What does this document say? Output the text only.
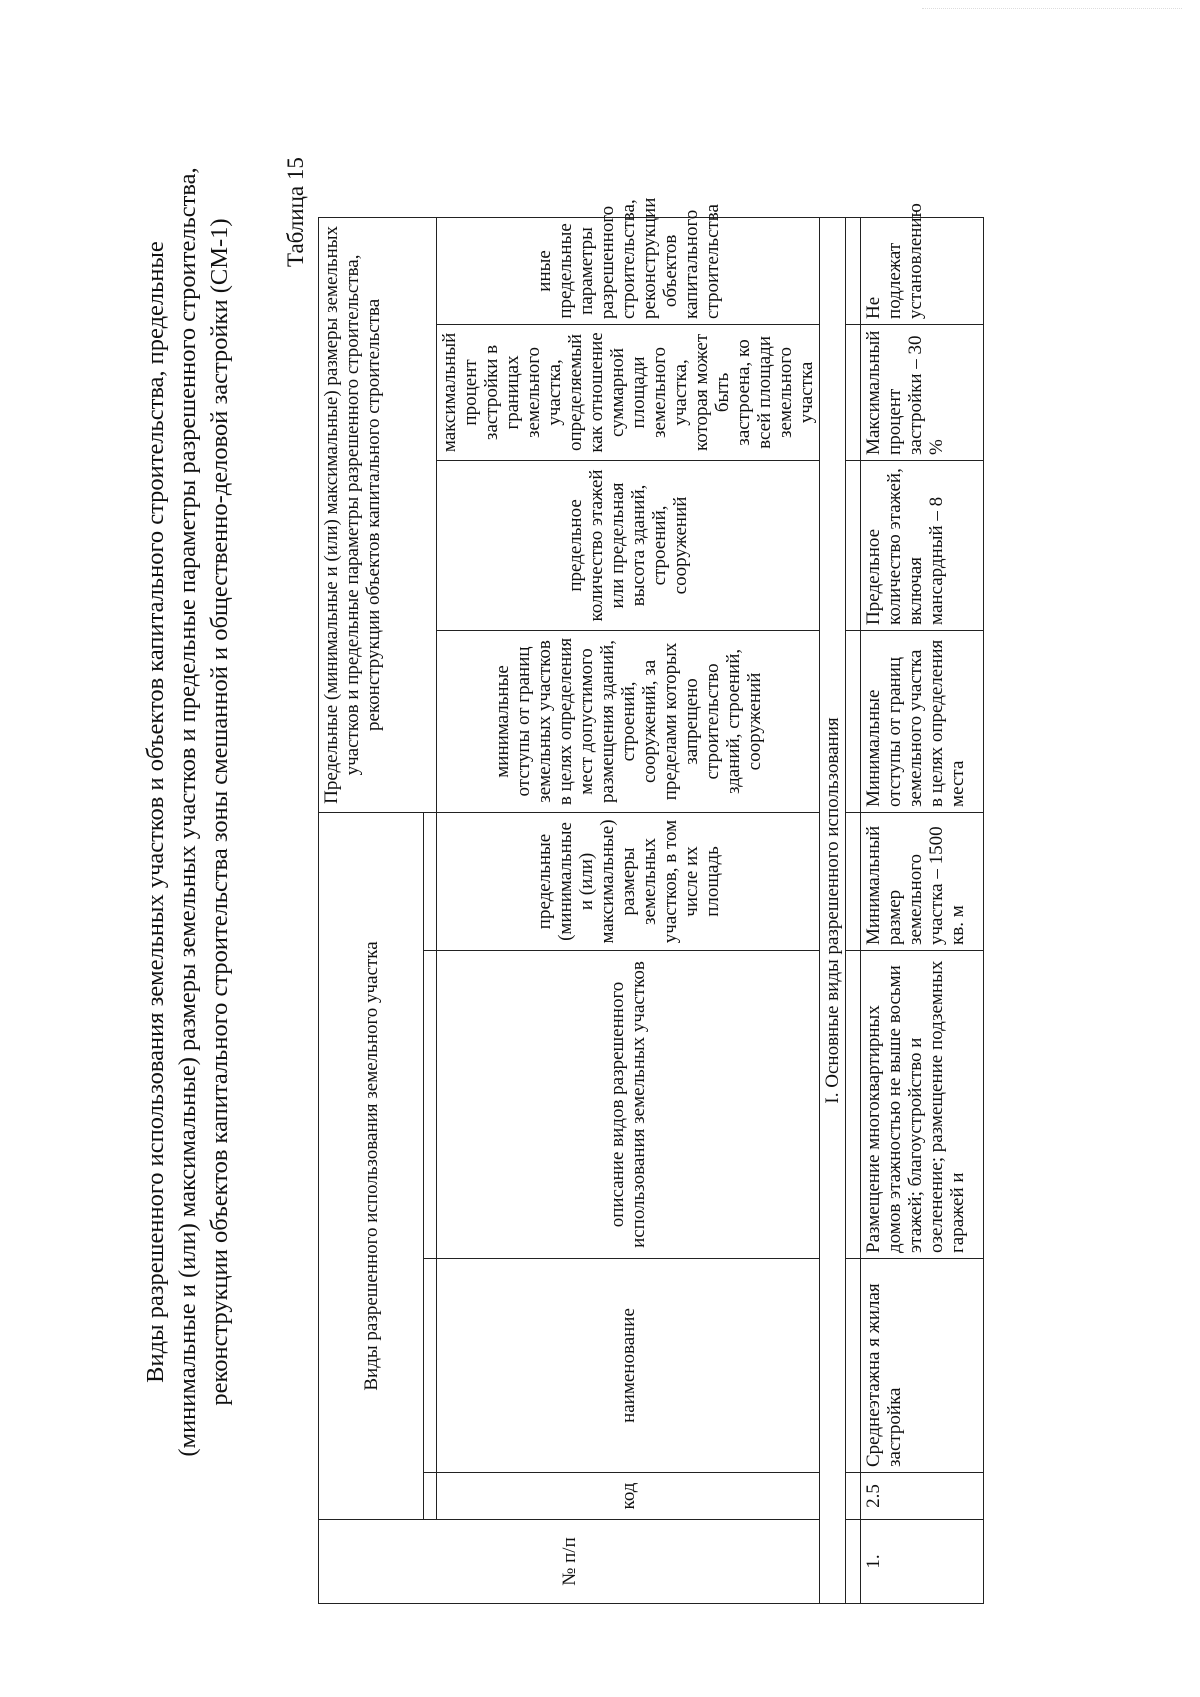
Виды разрешенного использования земельных участков и объектов капитального строительства, предельные (минимальные и (или) максимальные) размеры земельных участков и предельные параметры разрешенного строительства, реконструкции объектов капитального строительства зоны смешанной и общественно-деловой застройки (СМ-1)
Таблица 15
№ п/п	Виды разрешенного использования земельного участка				Предельные (минимальные и (или) максимальные) размеры земельных участков и предельные параметры разрешенного строительства, реконструкции объектов капитального строительства			

	код	наименование	описание видов разрешенного использования земельных участков	предельные (минимальные и (или) максимальные) размеры земельных участков, в том числе их площадь	минимальные отступы от границ земельных участков в целях определения мест допустимого размещения зданий, строений, сооружений, за пределами которых запрещено строительство зданий, строений, сооружений	предельное количество этажей или предельная высота зданий, строений, сооружений	максимальный процент застройки в границах земельного участка, определяемый как отношение суммарной площади земельного участка, которая может быть застроена, ко всей площади земельного участка	иные предельные параметры разрешенного строительства, реконструкции объектов капитального строительства
I. Основные виды разрешенного использования								

1.	2.5	Среднеэтажна я жилая застройка	Размещение многоквартирных домов этажностью не выше восьми этажей; благоустройство и озеленение; размещение подземных гаражей и	Минимальный размер земельного участка – 1500 кв. м	Минимальные отступы от границ земельного участка в целях определения места	Предельное количество этажей, включая мансардный – 8	Максимальный процент застройки – 30 %	Не подлежат установлению
